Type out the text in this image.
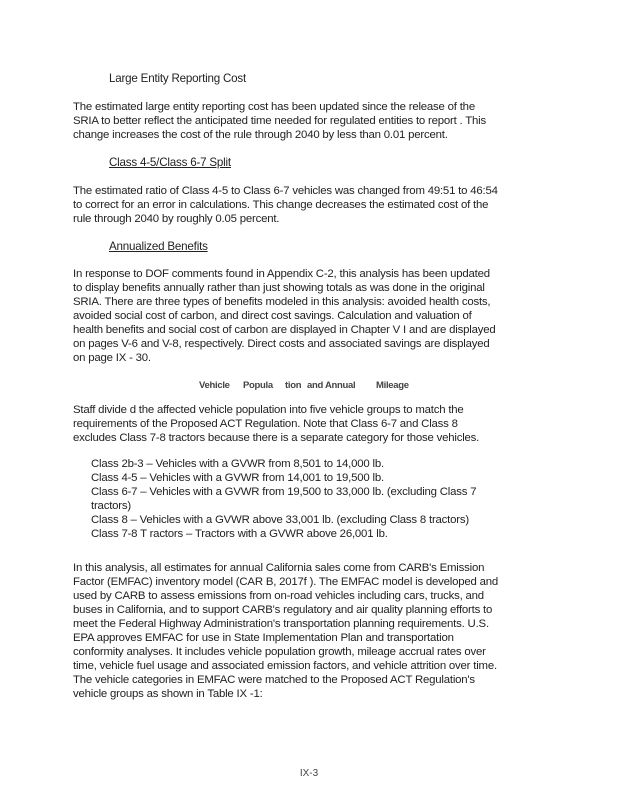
Large Entity Reporting Cost
The estimated large entity reporting cost has been updated since the release of the
SRIA to better reflect the anticipated time needed for regulated entities to report . This
change increases the cost of the rule through 2040 by less than 0.01 percent.
Class 4-5/Class 6-7 Split
The estimated ratio of Class 4-5 to Class 6-7 vehicles was changed from 49:51 to 46:54
to correct for an error in calculations. This change decreases the estimated cost of the
rule through 2040 by roughly 0.05 percent.
Annualized Benefits
In response to DOF comments found in Appendix C-2, this analysis has been updated
to display benefits annually rather than just showing totals as was done in the original
SRIA. There are three types of benefits modeled in this analysis: avoided health costs,
avoided social cost of carbon, and direct cost savings. Calculation and valuation of
health benefits and social cost of carbon are displayed in Chapter V I and are displayed
on pages V-6 and V-8, respectively. Direct costs and associated savings are displayed
on page IX - 30.
Vehicle Popula tion and Annual Mileage
Staff divide d the affected vehicle population into five vehicle groups to match the
requirements of the Proposed ACT Regulation. Note that Class 6-7 and Class 8
excludes Class 7-8 tractors because there is a separate category for those vehicles.
Class 2b-3 – Vehicles with a GVWR from 8,501 to 14,000 lb.
Class 4-5 – Vehicles with a GVWR from 14,001 to 19,500 lb.
Class 6-7 – Vehicles with a GVWR from 19,500 to 33,000 lb. (excluding Class 7
tractors)
Class 8 – Vehicles with a GVWR above 33,001 lb. (excluding Class 8 tractors)
Class 7-8 T ractors – Tractors with a GVWR above 26,001 lb.
In this analysis, all estimates for annual California sales come from CARB's Emission
Factor (EMFAC) inventory model (CAR B, 2017f ). The EMFAC model is developed and
used by CARB to assess emissions from on-road vehicles including cars, trucks, and
buses in California, and to support CARB's regulatory and air quality planning efforts to
meet the Federal Highway Administration's transportation planning requirements. U.S.
EPA approves EMFAC for use in State Implementation Plan and transportation
conformity analyses. It includes vehicle population growth, mileage accrual rates over
time, vehicle fuel usage and associated emission factors, and vehicle attrition over time.
The vehicle categories in EMFAC were matched to the Proposed ACT Regulation's
vehicle groups as shown in Table IX -1:
IX-3
